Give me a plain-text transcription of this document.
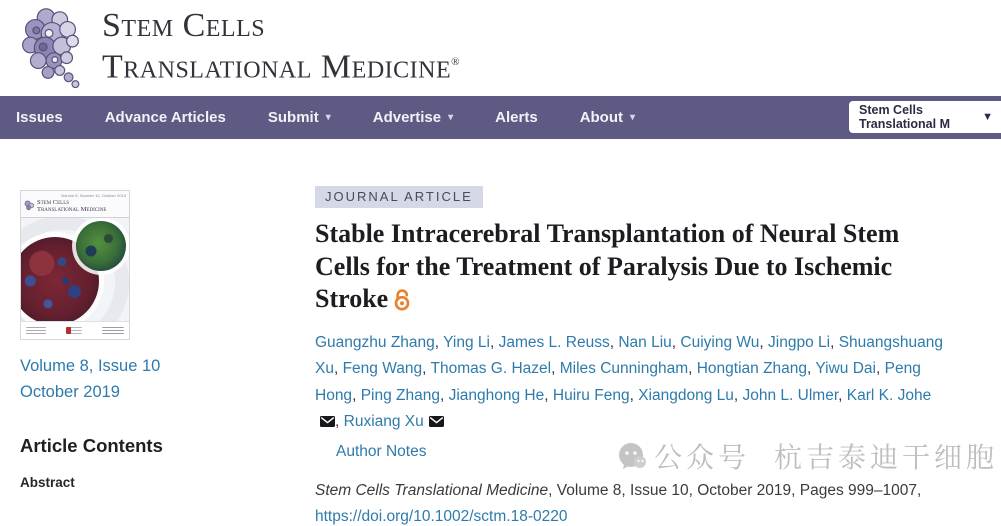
Stem Cells
Translational Medicine®
Issues	Advance Articles	Submit ▾	Advertise ▾	Alerts	About ▾
Stem Cells Translational M	▼
Stem Cells
Translational Medicine
Volume 8, Number 10, October 2019
Volume 8, Issue 10
October 2019
Article Contents
Abstract
JOURNAL ARTICLE
Stable Intracerebral Transplantation of Neural Stem Cells for the Treatment of Paralysis Due to Ischemic Stroke

Guangzhu Zhang, Ying Li, James L. Reuss, Nan Liu, Cuiying Wu, Jingpo Li, Shuangshuang Xu, Feng Wang, Thomas G. Hazel, Miles Cunningham, Hongtian Zhang, Yiwu Dai, Peng Hong, Ping Zhang, Jianghong He, Huiru Feng, Xiangdong Lu, John L. Ulmer, Karl K. Johe, Ruxiang Xu

Author Notes

Stem Cells Translational Medicine, Volume 8, Issue 10, October 2019, Pages 999–1007,

https://doi.org/10.1002/sctm.18-0220
公众号 杭吉泰迪干细胞
